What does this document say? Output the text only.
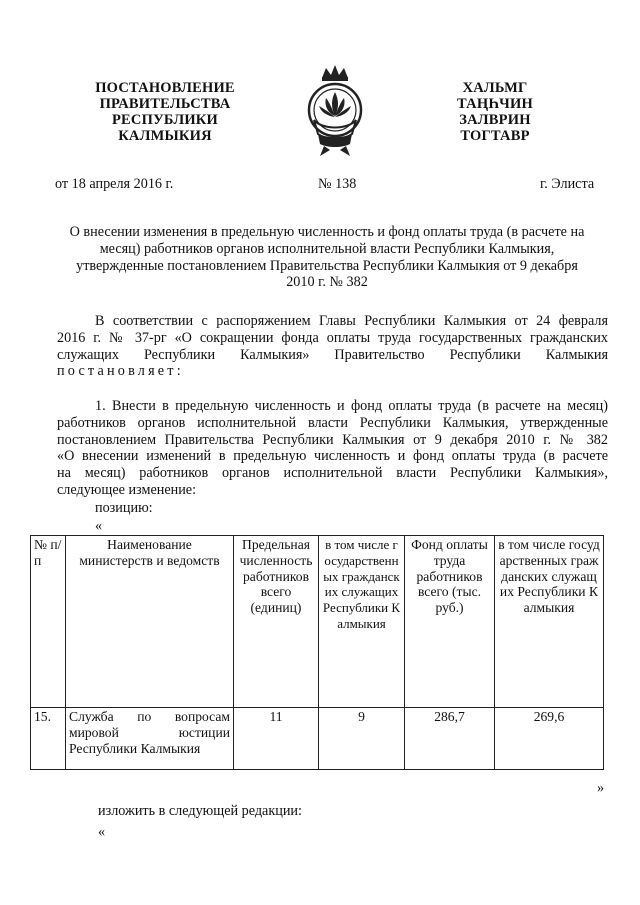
ПОСТАНОВЛЕНИЕ
ПРАВИТЕЛЬСТВА
РЕСПУБЛИКИ
КАЛМЫКИЯ
ХАЛЬМГ
ТАҢҺЧИН
ЗАЛВРИН
ТОГТАВР
от 18 апреля 2016 г.	№ 138	г. Элиста
О внесении изменения в предельную численность и фонд оплаты труда (в расчете на
месяц) работников органов исполнительной власти Республики Калмыкия,
утвержденные постановлением Правительства Республики Калмыкия от 9 декабря
2010 г. № 382
В соответствии с распоряжением Главы Республики Калмыкия от 24 февраля
2016 г. № 37-рг «О сокращении фонда оплаты труда государственных гражданских
служащих Республики Калмыкия» Правительство Республики Калмыкия
постановляет:
1. Внести в предельную численность и фонд оплаты труда (в расчете на месяц)
работников органов исполнительной власти Республики Калмыкия, утвержденные
постановлением Правительства Республики Калмыкия от 9 декабря 2010 г. № 382
«О внесении изменений в предельную численность и фонд оплаты труда (в расчете
на месяц) работников органов исполнительной власти Республики Калмыкия»,
следующее изменение:
позицию:
«
№ п/п	Наименование министерств и ведомств	Предельная численность работников всего (единиц)	в том числе государственных гражданских служащих Республики Калмыкия	Фонд оплаты труда работников всего (тыс. руб.)	в том числе государственных гражданских служащих Республики Калмыкия
15.	Служба по вопросам мировой юстиции Республики Калмыкия	11	9	286,7	269,6
»
изложить в следующей редакции:
«
